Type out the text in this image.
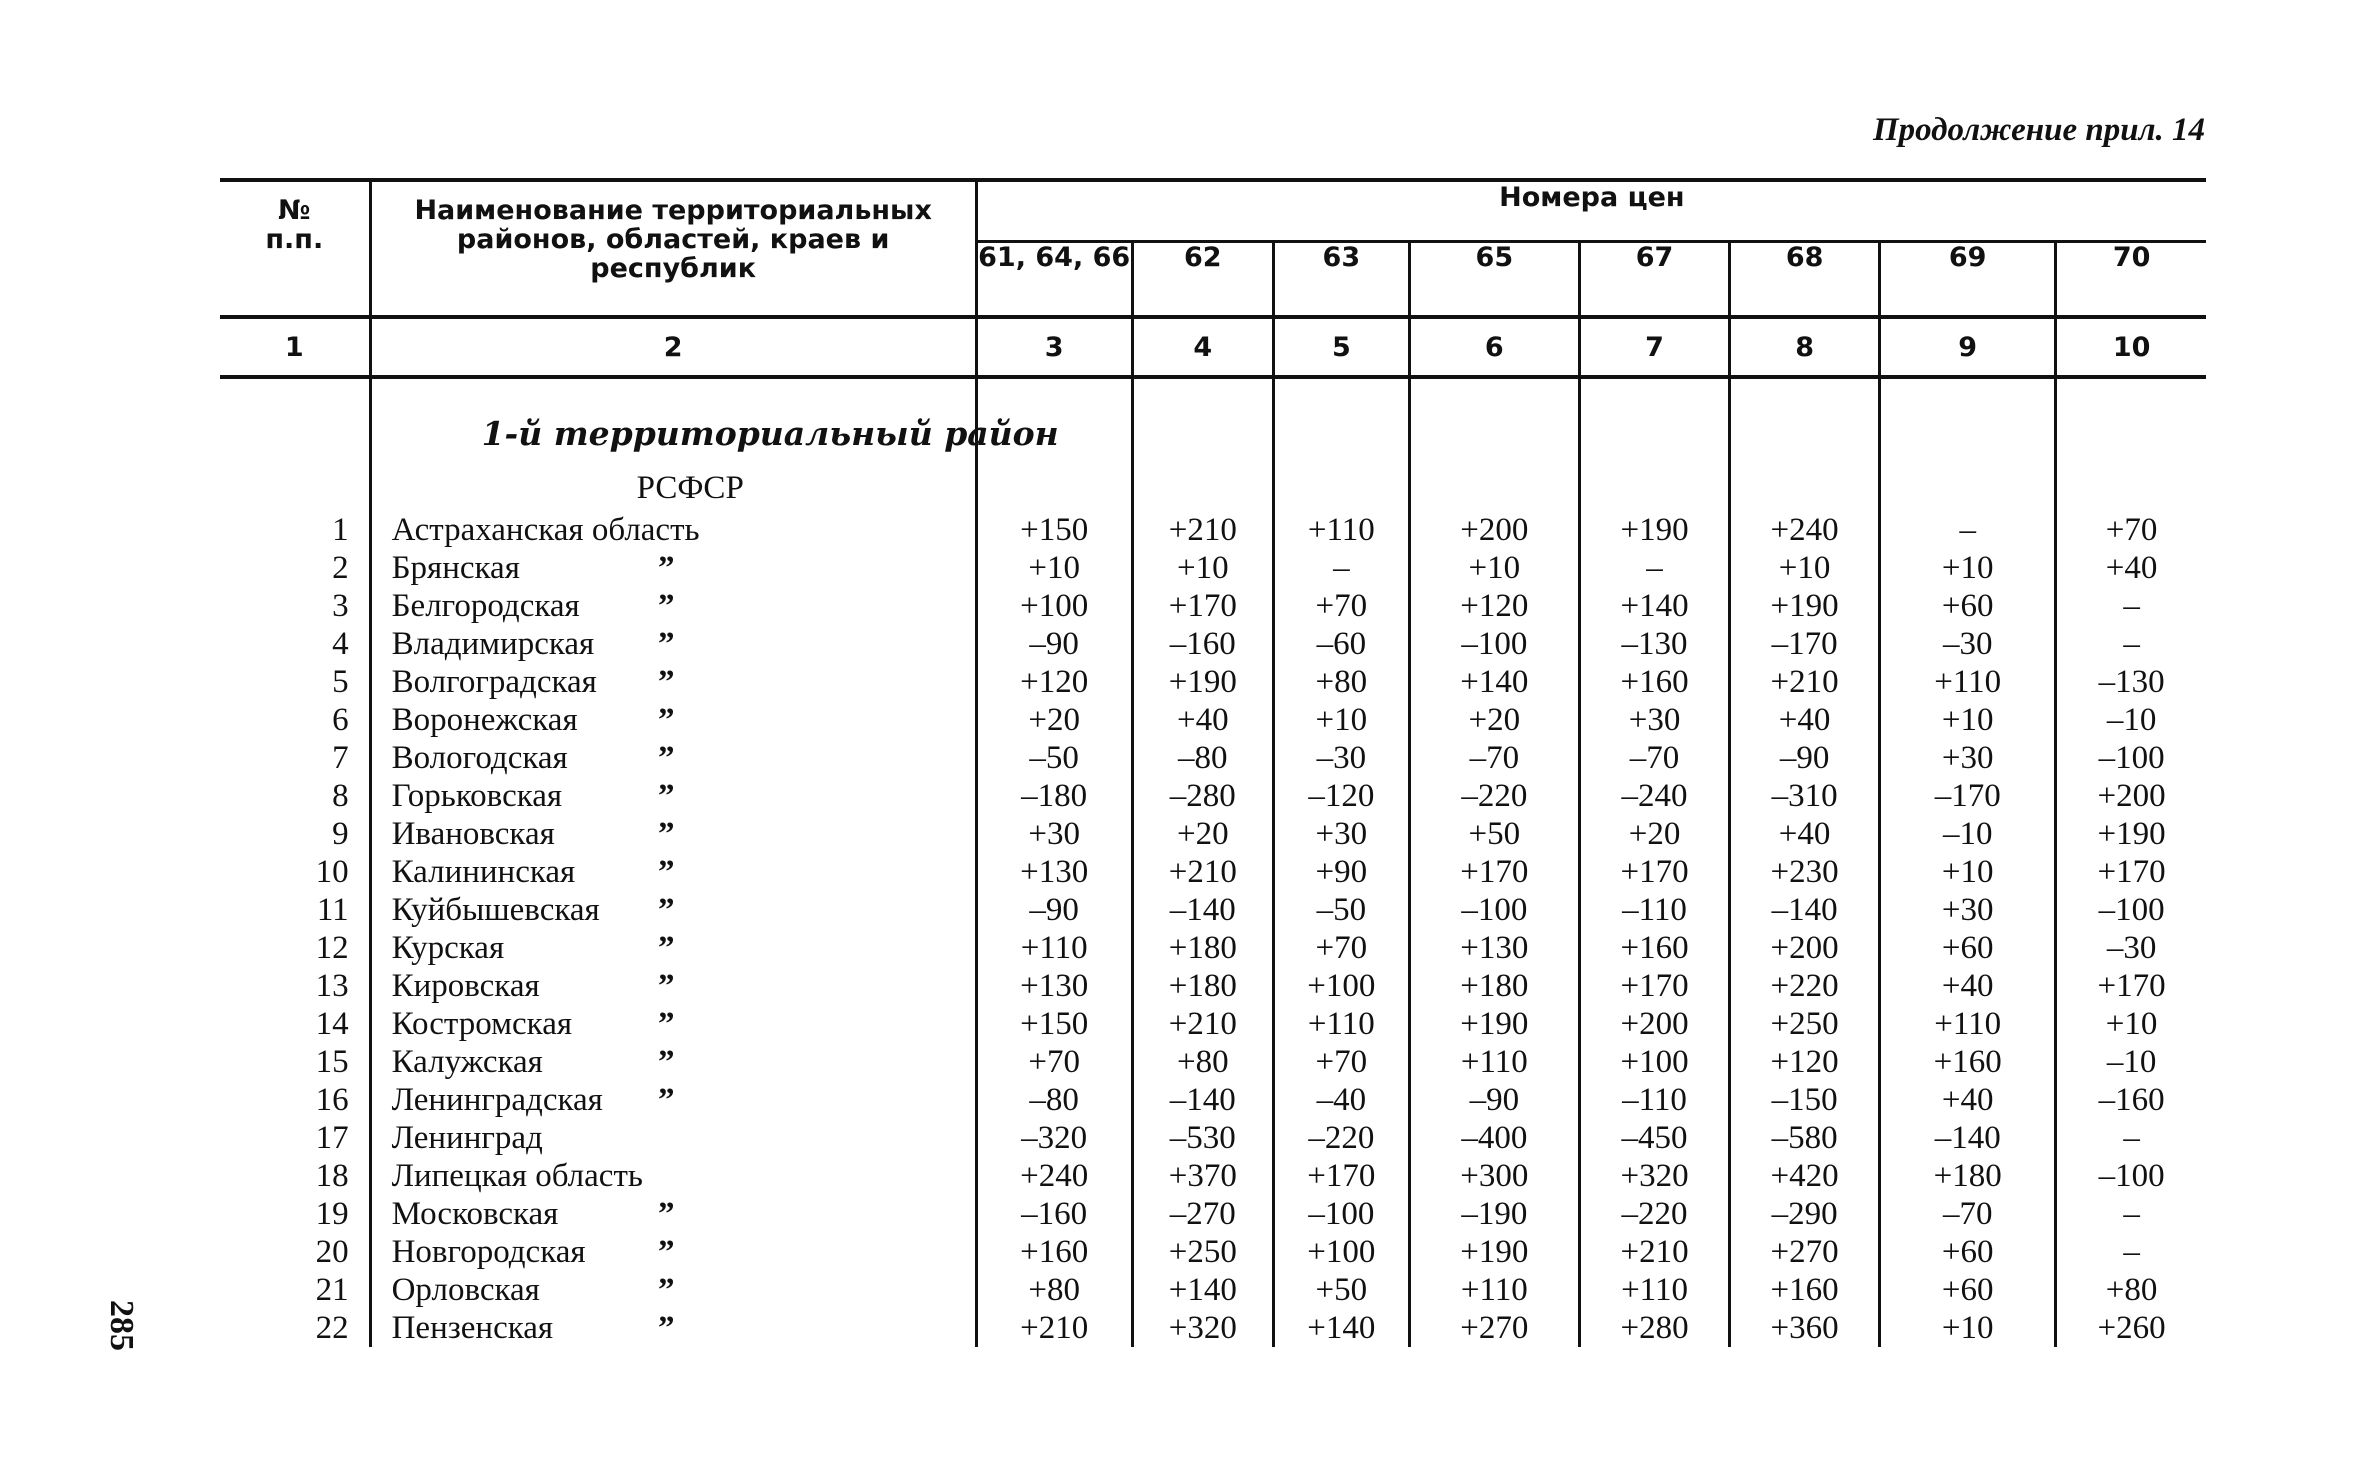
Продолжение прил. 14
285
№
п.п.	Наименование территориальных районов, областей, краев и республик	Номера цен							
		61, 64, 66	62	63	65	67	68	69	70
1	2	3	4	5	6	7	8	9	10

	1-й территориальный район								
	РСФСР								
1	Астраханская область	+150	+210	+110	+200	+190	+240	–	+70
2	Брянская ”	+10	+10	–	+10	–	+10	+10	+40
3	Белгородская ”	+100	+170	+70	+120	+140	+190	+60	–
4	Владимирская ”	–90	–160	–60	–100	–130	–170	–30	–
5	Волгоградская ”	+120	+190	+80	+140	+160	+210	+110	–130
6	Воронежская ”	+20	+40	+10	+20	+30	+40	+10	–10
7	Вологодская ”	–50	–80	–30	–70	–70	–90	+30	–100
8	Горьковская ”	–180	–280	–120	–220	–240	–310	–170	+200
9	Ивановская ”	+30	+20	+30	+50	+20	+40	–10	+190
10	Калининская ”	+130	+210	+90	+170	+170	+230	+10	+170
11	Куйбышевская ”	–90	–140	–50	–100	–110	–140	+30	–100
12	Курская ”	+110	+180	+70	+130	+160	+200	+60	–30
13	Кировская ”	+130	+180	+100	+180	+170	+220	+40	+170
14	Костромская ”	+150	+210	+110	+190	+200	+250	+110	+10
15	Калужская ”	+70	+80	+70	+110	+100	+120	+160	–10
16	Ленинградская ”	–80	–140	–40	–90	–110	–150	+40	–160
17	Ленинград	–320	–530	–220	–400	–450	–580	–140	–
18	Липецкая область	+240	+370	+170	+300	+320	+420	+180	–100
19	Московская ”	–160	–270	–100	–190	–220	–290	–70	–
20	Новгородская ”	+160	+250	+100	+190	+210	+270	+60	–
21	Орловская ”	+80	+140	+50	+110	+110	+160	+60	+80
22	Пензенская ”	+210	+320	+140	+270	+280	+360	+10	+260
